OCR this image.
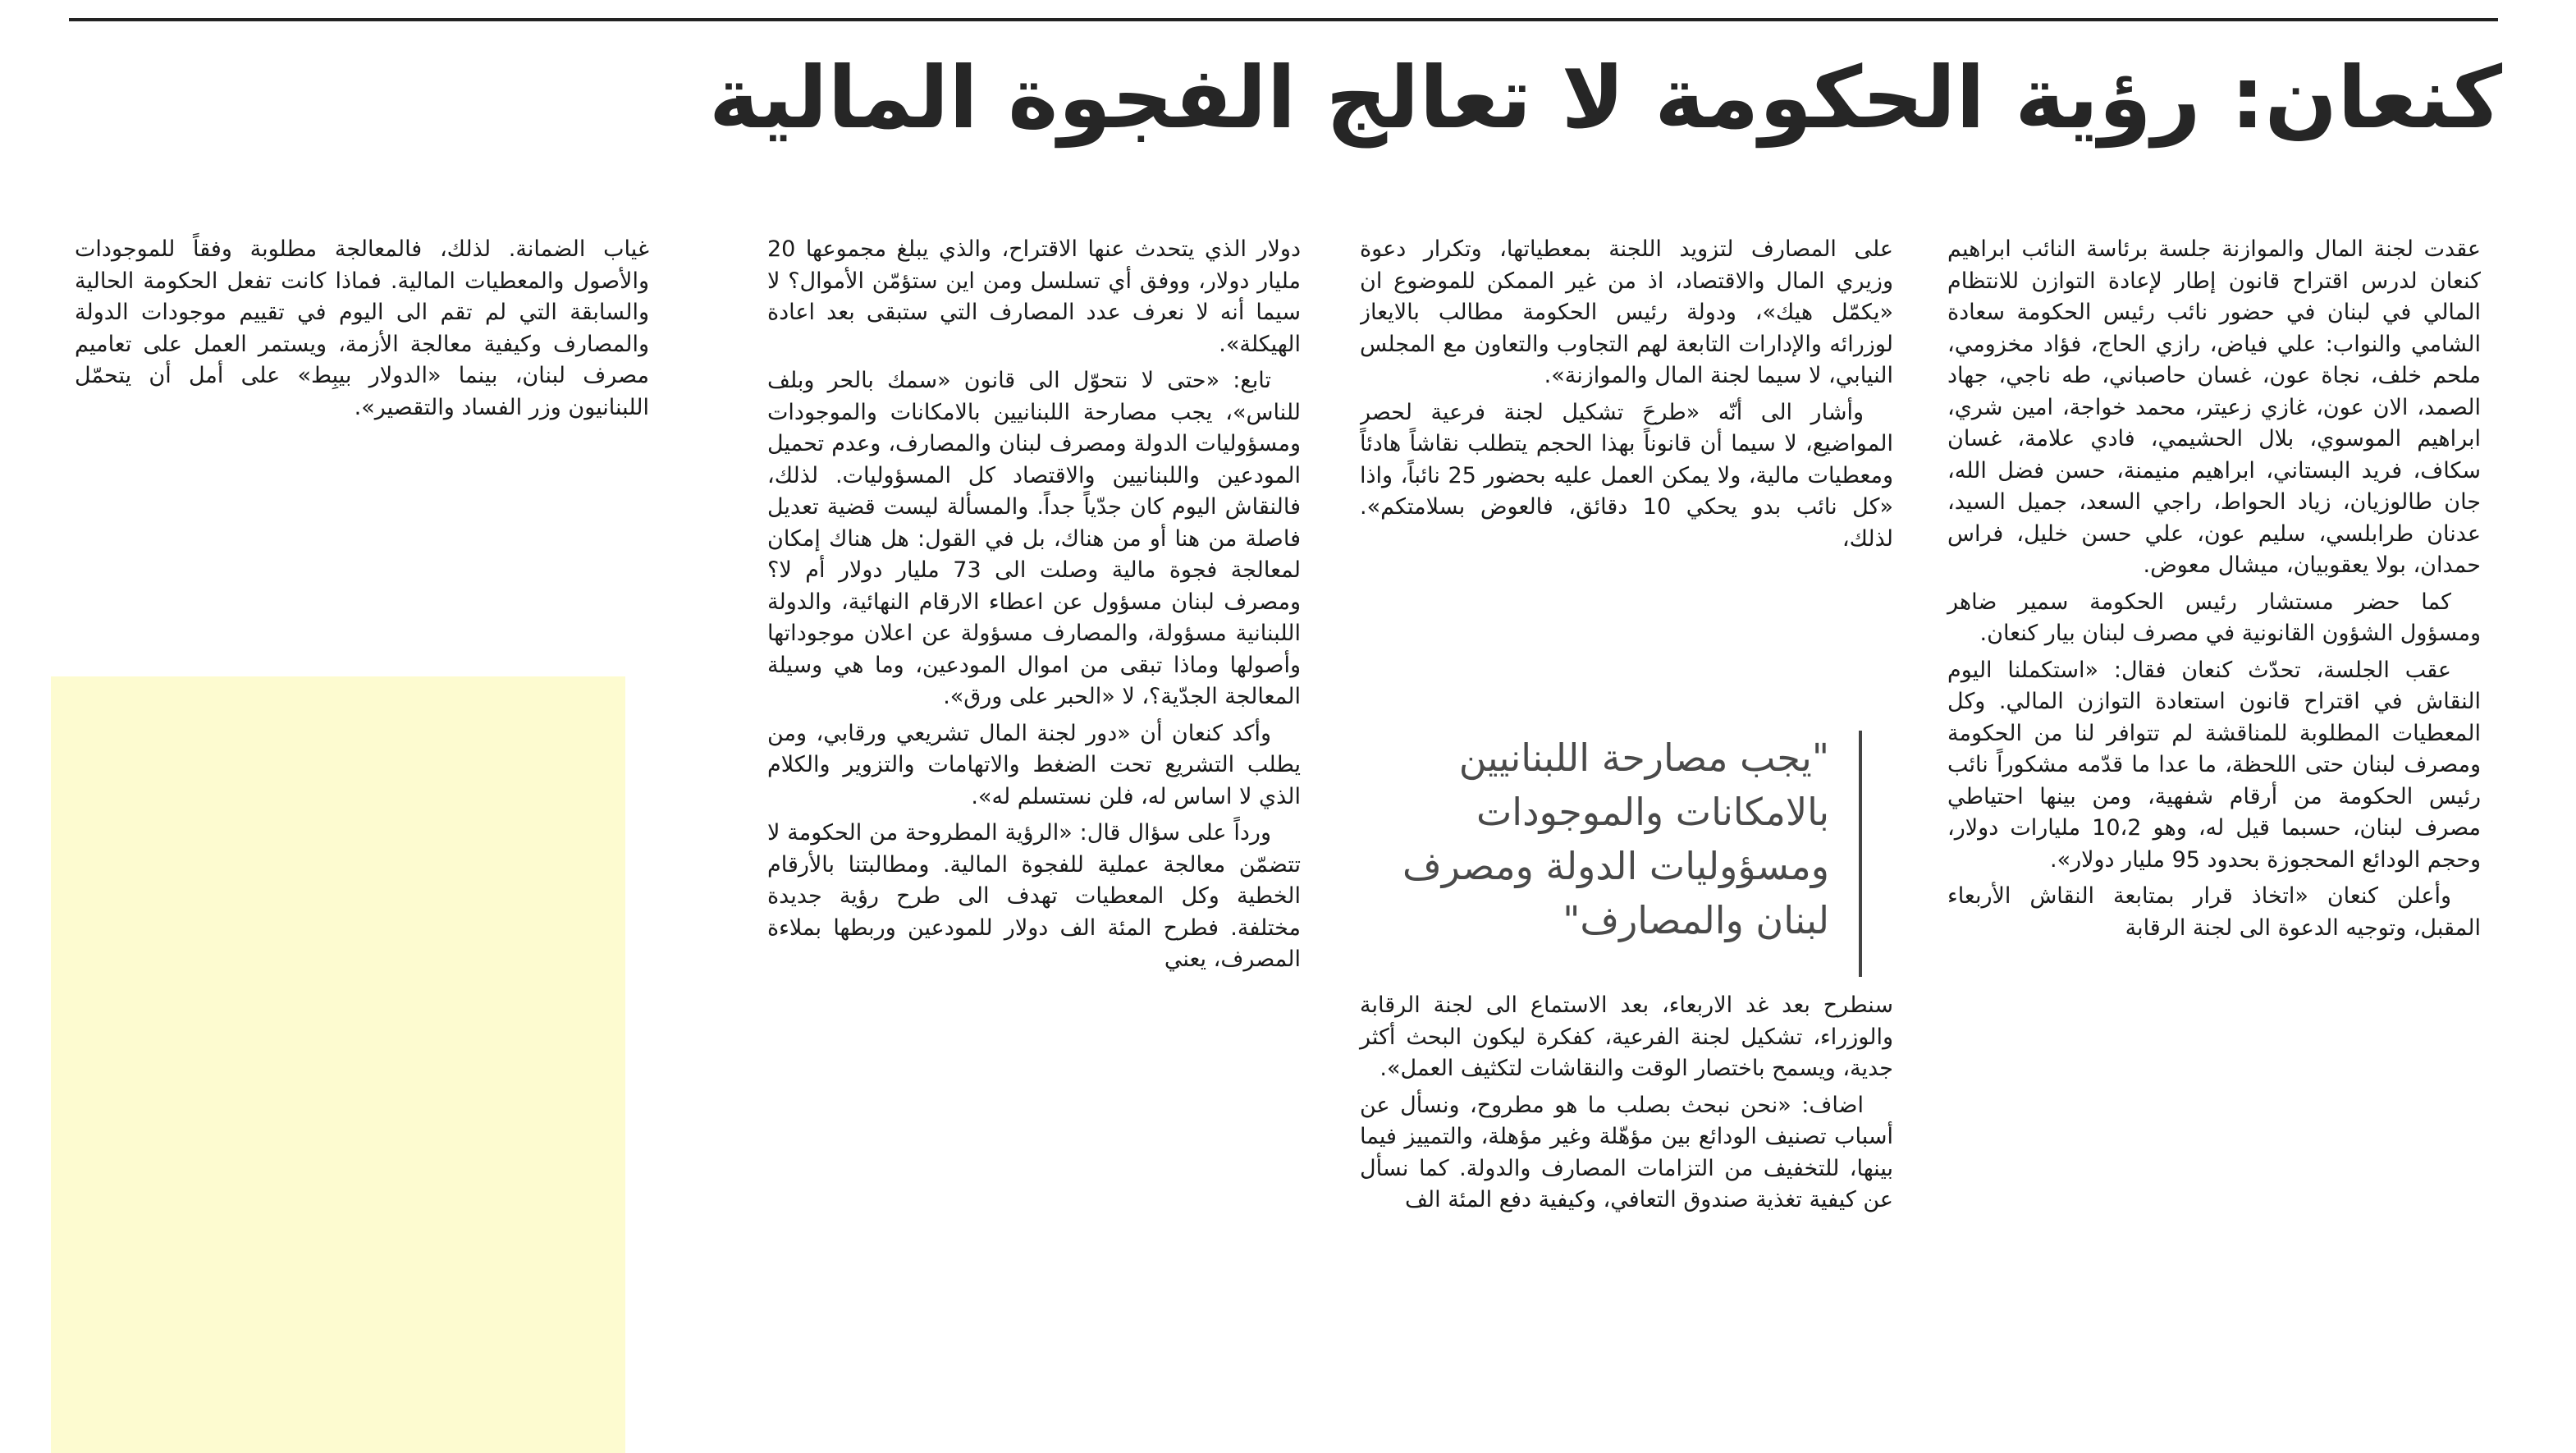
كنعان: رؤية الحكومة لا تعالج الفجوة المالية

عقدت لجنة المال والموازنة جلسة برئاسة النائب ابراهيم كنعان لدرس اقتراح قانون إطار لإعادة التوازن للانتظام المالي في لبنان في حضور نائب رئيس الحكومة سعادة الشامي والنواب: علي فياض، رازي الحاج، فؤاد مخزومي، ملحم خلف، نجاة عون، غسان حاصباني، طه ناجي، جهاد الصمد، الان عون، غازي زعيتر، محمد خواجة، امين شري، ابراهيم الموسوي، بلال الحشيمي، فادي علامة، غسان سكاف، فريد البستاني، ابراهيم منيمنة، حسن فضل الله، جان طالوزيان، زياد الحواط، راجي السعد، جميل السيد، عدنان طرابلسي، سليم عون، علي حسن خليل، فراس حمدان، بولا يعقوبيان، ميشال معوض.

كما حضر مستشار رئيس الحكومة سمير ضاهر ومسؤول الشؤون القانونية في مصرف لبنان بيار كنعان.

عقب الجلسة، تحدّث كنعان فقال: «استكملنا اليوم النقاش في اقتراح قانون استعادة التوازن المالي. وكل المعطيات المطلوبة للمناقشة لم تتوافر لنا من الحكومة ومصرف لبنان حتى اللحظة، ما عدا ما قدّمه مشكوراً نائب رئيس الحكومة من أرقام شفهية، ومن بينها احتياطي مصرف لبنان، حسبما قيل له، وهو 10،2 مليارات دولار، وحجم الودائع المحجوزة بحدود 95 مليار دولار».

وأعلن كنعان «اتخاذ قرار بمتابعة النقاش الأربعاء المقبل، وتوجيه الدعوة الى لجنة الرقابة

على المصارف لتزويد اللجنة بمعطياتها، وتكرار دعوة وزيري المال والاقتصاد، اذ من غير الممكن للموضوع ان «يكمّل هيك»، ودولة رئيس الحكومة مطالب بالايعاز لوزرائه والإدارات التابعة لهم التجاوب والتعاون مع المجلس النيابي، لا سيما لجنة المال والموازنة».

وأشار الى أنّه «طرحَ تشكيل لجنة فرعية لحصر المواضيع، لا سيما أن قانوناً بهذا الحجم يتطلب نقاشاً هادئاً ومعطيات مالية، ولا يمكن العمل عليه بحضور 25 نائباً، واذا «كل نائب بدو يحكي 10 دقائق، فالعوض بسلامتكم». لذلك،

"يجب مصارحة اللبنانيين بالامكانات والموجودات ومسؤوليات الدولة ومصرف لبنان والمصارف"

سنطرح بعد غد الاربعاء، بعد الاستماع الى لجنة الرقابة والوزراء، تشكيل لجنة الفرعية، كفكرة ليكون البحث أكثر جدية، ويسمح باختصار الوقت والنقاشات لتكثيف العمل».

اضاف: «نحن نبحث بصلب ما هو مطروح، ونسأل عن أسباب تصنيف الودائع بين مؤهّلة وغير مؤهلة، والتمييز فيما بينها، للتخفيف من التزامات المصارف والدولة. كما نسأل عن كيفية تغذية صندوق التعافي، وكيفية دفع المئة الف

دولار الذي يتحدث عنها الاقتراح، والذي يبلغ مجموعها 20 مليار دولار، ووفق أي تسلسل ومن اين ستؤمّن الأموال؟ لا سيما أنه لا نعرف عدد المصارف التي ستبقى بعد اعادة الهيكلة».

تابع: «حتى لا نتحوّل الى قانون «سمك بالحر وبلف للناس»، يجب مصارحة اللبنانيين بالامكانات والموجودات ومسؤوليات الدولة ومصرف لبنان والمصارف، وعدم تحميل المودعين واللبنانيين والاقتصاد كل المسؤوليات. لذلك، فالنقاش اليوم كان جدّياً جداً. والمسألة ليست قضية تعديل فاصلة من هنا أو من هناك، بل في القول: هل هناك إمكان لمعالجة فجوة مالية وصلت الى 73 مليار دولار أم لا؟ ومصرف لبنان مسؤول عن اعطاء الارقام النهائية، والدولة اللبنانية مسؤولة، والمصارف مسؤولة عن اعلان موجوداتها وأصولها وماذا تبقى من اموال المودعين، وما هي وسيلة المعالجة الجدّية؟، لا «الحبر على ورق».

وأكد كنعان أن «دور لجنة المال تشريعي ورقابي، ومن يطلب التشريع تحت الضغط والاتهامات والتزوير والكلام الذي لا اساس له، فلن نستسلم له».

ورداً على سؤال قال: «الرؤية المطروحة من الحكومة لا تتضمّن معالجة عملية للفجوة المالية. ومطالبتنا بالأرقام الخطية وكل المعطيات تهدف الى طرح رؤية جديدة مختلفة. فطرح المئة الف دولار للمودعين وربطها بملاءة المصرف، يعني

غياب الضمانة. لذلك، فالمعالجة مطلوبة وفقاً للموجودات والأصول والمعطيات المالية. فماذا كانت تفعل الحكومة الحالية والسابقة التي لم تقم الى اليوم في تقييم موجودات الدولة والمصارف وكيفية معالجة الأزمة، ويستمر العمل على تعاميم مصرف لبنان، بينما «الدولار بيبِط» على أمل أن يتحمّل اللبنانيون وزر الفساد والتقصير».
